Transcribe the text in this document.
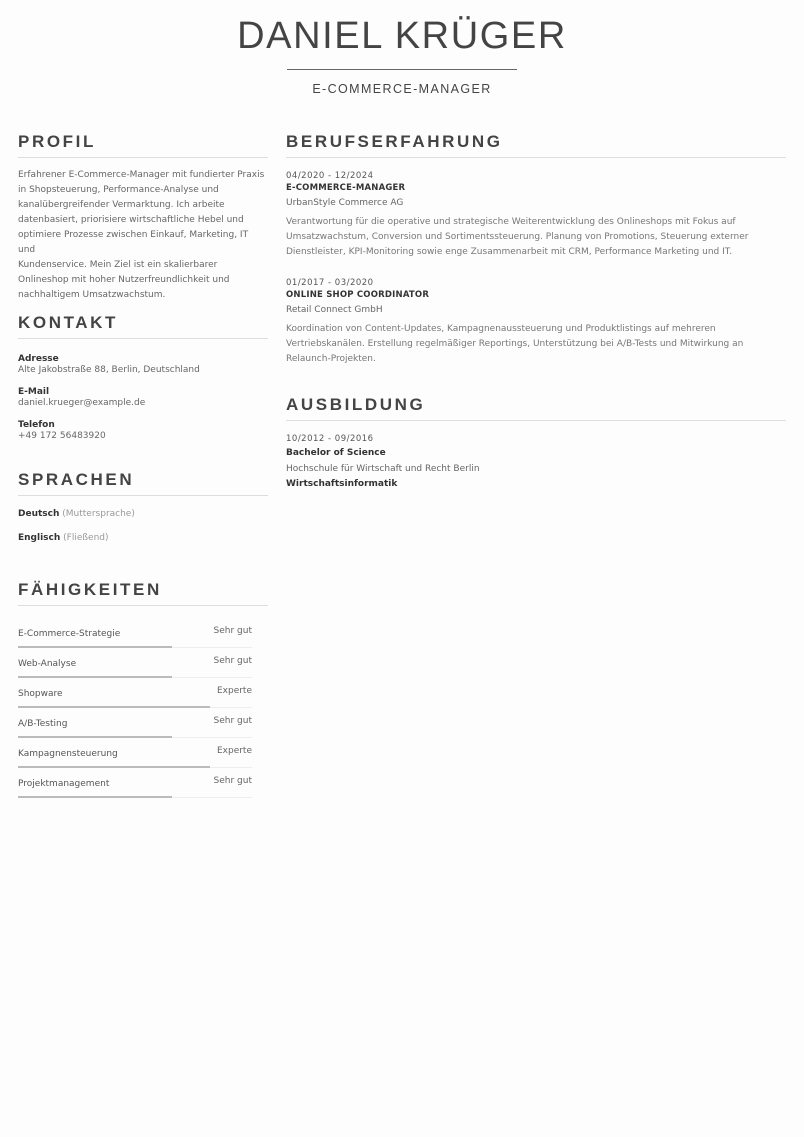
DANIEL KRÜGER
E-COMMERCE-MANAGER
PROFIL
Erfahrener E-Commerce-Manager mit fundierter Praxis
in Shopsteuerung, Performance-Analyse und
kanalübergreifender Vermarktung. Ich arbeite
datenbasiert, priorisiere wirtschaftliche Hebel und
optimiere Prozesse zwischen Einkauf, Marketing, IT und
Kundenservice. Mein Ziel ist ein skalierbarer
Onlineshop mit hoher Nutzerfreundlichkeit und
nachhaltigem Umsatzwachstum.
KONTAKT
Adresse
Alte Jakobstraße 88, Berlin, Deutschland
E-Mail
daniel.krueger@example.de
Telefon
+49 172 56483920
SPRACHEN
Deutsch (Muttersprache)
Englisch (Fließend)
FÄHIGKEITEN
E-Commerce-Strategie	Sehr gut
Web-Analyse	Sehr gut
Shopware	Experte
A/B-Testing	Sehr gut
Kampagnensteuerung	Experte
Projektmanagement	Sehr gut
BERUFSERFAHRUNG
04/2020 - 12/2024
E-COMMERCE-MANAGER
UrbanStyle Commerce AG
Verantwortung für die operative und strategische Weiterentwicklung des Onlineshops mit Fokus auf
Umsatzwachstum, Conversion und Sortimentssteuerung. Planung von Promotions, Steuerung externer
Dienstleister, KPI-Monitoring sowie enge Zusammenarbeit mit CRM, Performance Marketing und IT.
01/2017 - 03/2020
ONLINE SHOP COORDINATOR
Retail Connect GmbH
Koordination von Content-Updates, Kampagnenaussteuerung und Produktlistings auf mehreren
Vertriebskanälen. Erstellung regelmäßiger Reportings, Unterstützung bei A/B-Tests und Mitwirkung an
Relaunch-Projekten.
AUSBILDUNG
10/2012 - 09/2016
Bachelor of Science
Hochschule für Wirtschaft und Recht Berlin
Wirtschaftsinformatik
